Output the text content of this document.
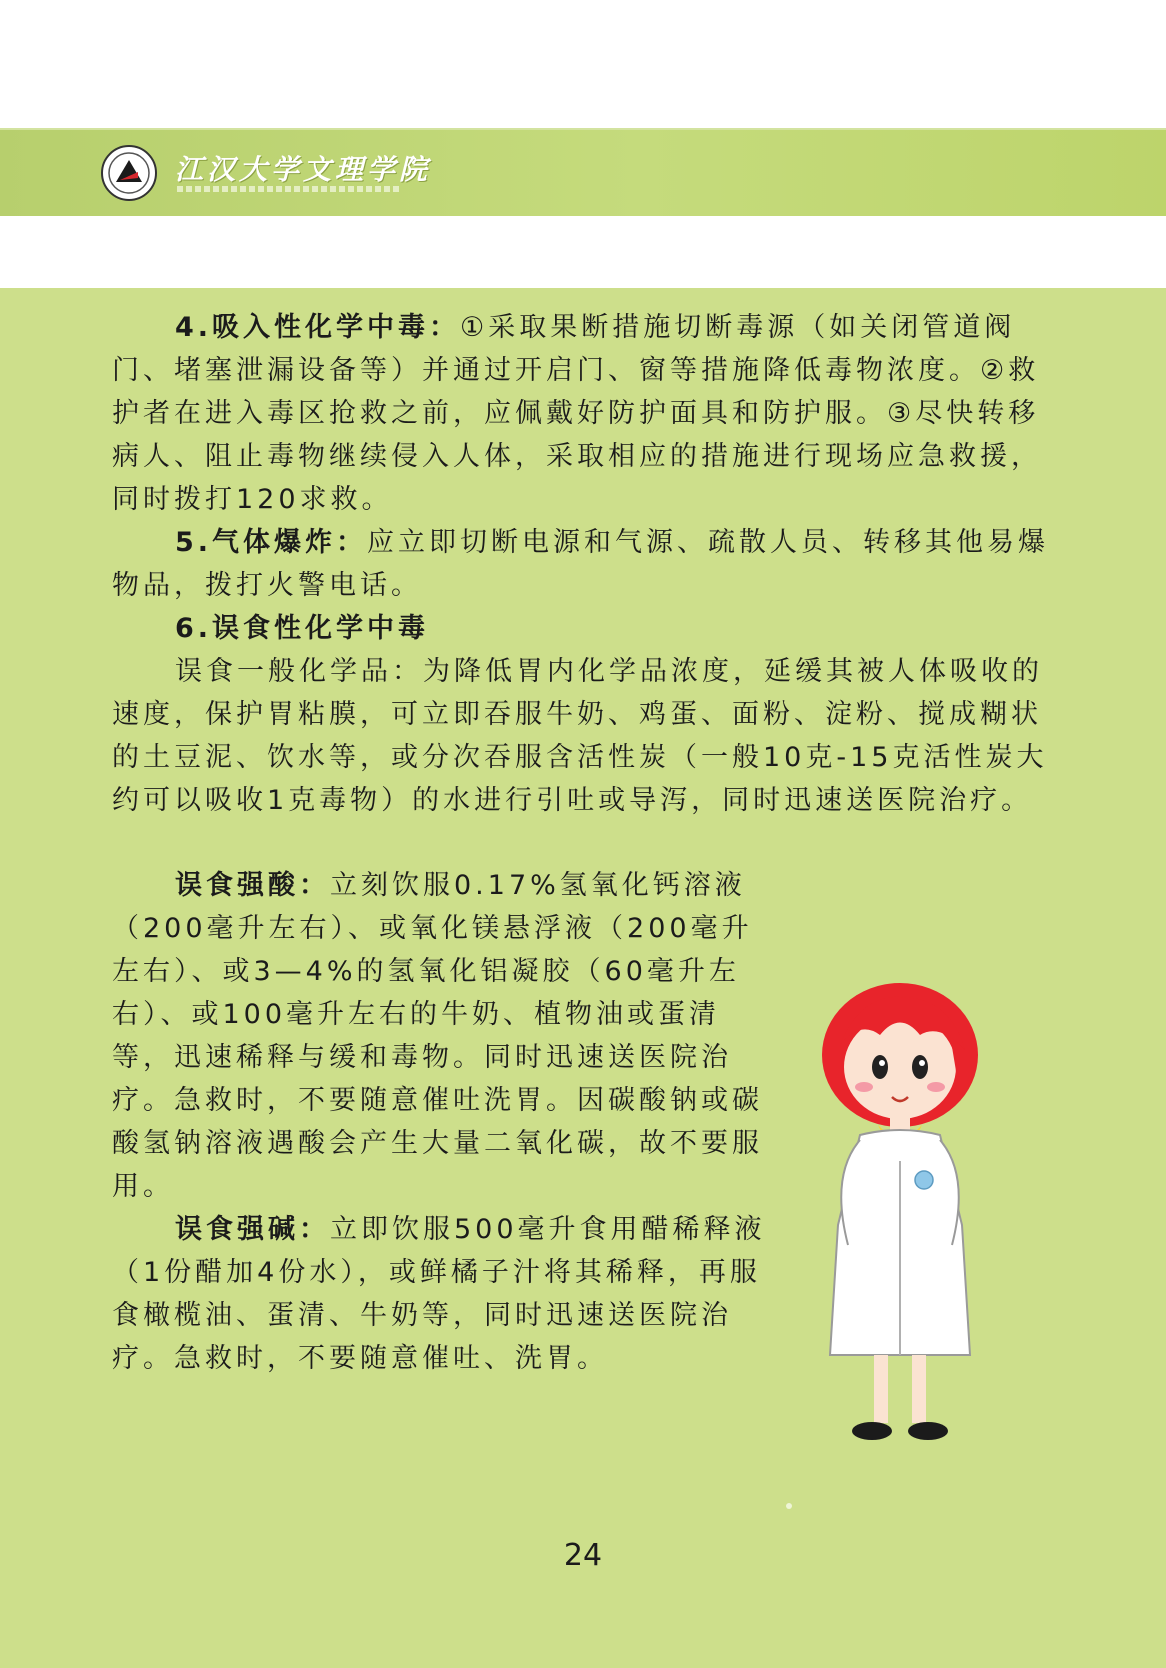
江汉大学文理学院

4.吸入性化学中毒：①采取果断措施切断毒源（如关闭管道阀门、堵塞泄漏设备等）并通过开启门、窗等措施降低毒物浓度。②救护者在进入毒区抢救之前，应佩戴好防护面具和防护服。③尽快转移病人、阻止毒物继续侵入人体，采取相应的措施进行现场应急救援，同时拨打120求救。

5.气体爆炸：应立即切断电源和气源、疏散人员、转移其他易爆物品，拨打火警电话。

6.误食性化学中毒

误食一般化学品：为降低胃内化学品浓度，延缓其被人体吸收的速度，保护胃粘膜，可立即吞服牛奶、鸡蛋、面粉、淀粉、搅成糊状的土豆泥、饮水等，或分次吞服含活性炭（一般10克-15克活性炭大约可以吸收1克毒物）的水进行引吐或导泻，同时迅速送医院治疗。

误食强酸：立刻饮服0.17%氢氧化钙溶液（200毫升左右）、或氧化镁悬浮液（200毫升左右）、或3—4%的氢氧化铝凝胶（60毫升左右）、或100毫升左右的牛奶、植物油或蛋清等，迅速稀释与缓和毒物。同时迅速送医院治疗。急救时，不要随意催吐洗胃。因碳酸钠或碳酸氢钠溶液遇酸会产生大量二氧化碳，故不要服用。

误食强碱：立即饮服500毫升食用醋稀释液（1份醋加4份水），或鲜橘子汁将其稀释，再服食橄榄油、蛋清、牛奶等，同时迅速送医院治疗。急救时，不要随意催吐、洗胃。

24
